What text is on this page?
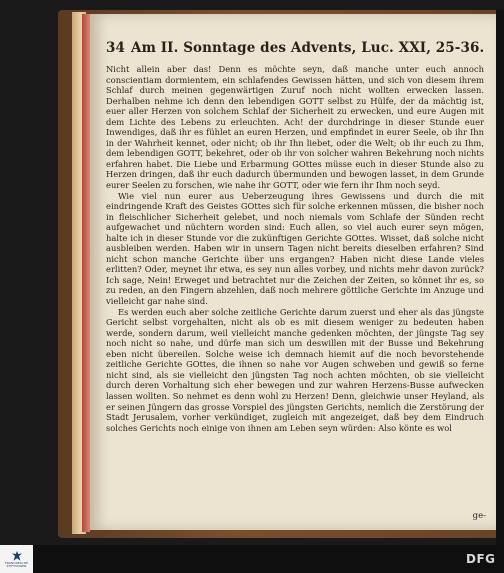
34 Am II. Sonntage des Advents, Luc. XXI, 25-36.

Nicht allein aber das! Denn es möchte seyn, daß manche unter euch annoch conscientiam dormientem, ein schlafendes Gewissen hätten, und sich von diesem ihrem Schlaf durch meinen gegenwärtigen Zuruf noch nicht wollten erwecken lassen. Derhalben nehme ich denn den lebendigen GOTT selbst zu Hülfe, der da mächtig ist, euer aller Herzen von solchem Schlaf der Sicherheit zu erwecken, und eure Augen mit dem Lichte des Lebens zu erleuchten. Ach! der durchdringe in dieser Stunde euer Inwendiges, daß ihr es fühlet an euren Herzen, und empfindet in eurer Seele, ob ihr Ihn in der Wahrheit kennet, oder nicht; ob ihr Ihn liebet, oder die Welt; ob ihr euch zu Ihm, dem lebendigen GOTT, bekehret, oder ob ihr von solcher wahren Bekehrung noch nichts erfahren habet. Die Liebe und Erbarmung GOttes müsse euch in dieser Stunde also zu Herzen dringen, daß ihr euch dadurch übermunden und bewogen lasset, in dem Grunde eurer Seelen zu forschen, wie nahe ihr GOTT, oder wie fern ihr Ihm noch seyd.

Wie viel nun eurer aus Ueberzeugung ihres Gewissens und durch die mit eindringende Kraft des Geistes GOttes sich für solche erkennen müssen, die bisher noch in fleischlicher Sicherheit gelebet, und noch niemals vom Schlafe der Sünden recht aufgewachet und nüchtern worden sind: Euch allen, so viel auch eurer seyn mögen, halte ich in dieser Stunde vor die zukünftigen Gerichte GOttes. Wisset, daß solche nicht ausbleiben werden. Haben wir in unsern Tagen nicht bereits dieselben erfahren? Sind nicht schon manche Gerichte über uns ergangen? Haben nicht diese Lande vieles erlitten? Oder, meynet ihr etwa, es sey nun alles vorbey, und nichts mehr davon zurück? Ich sage, Nein! Erweget und betrachtet nur die Zeichen der Zeiten, so könnet ihr es, so zu reden, an den Fingern abzehlen, daß noch mehrere göttliche Gerichte im Anzuge und vielleicht gar nahe sind.

Es werden euch aber solche zeitliche Gerichte darum zuerst und eher als das jüngste Gericht selbst vorgehalten, nicht als ob es mit diesem weniger zu bedeuten haben werde, sondern darum, weil vielleicht manche gedenken möchten, der jüngste Tag sey noch nicht so nahe, und dürfe man sich um deswillen mit der Busse und Bekehrung eben nicht übereilen. Solche weise ich demnach hiemit auf die noch bevorstehende zeitliche Gerichte GOttes, die ihnen so nahe vor Augen schweben und gewiß so ferne nicht sind, als sie vielleicht den jüngsten Tag noch achten möchten, ob sie vielleicht durch deren Vorhaltung sich eher bewegen und zur wahren Herzens-Busse aufwecken lassen wollten. So nehmet es denn wohl zu Herzen! Denn, gleichwie unser Heyland, als er seinen Jüngern das grosse Vorspiel des jüngsten Gerichts, nemlich die Zerstörung der Stadt Jerusalem, vorher verkündiget, zugleich mit angezeiget, daß bey dem Eindruch solches Gerichts noch einige von ihnen am Leben seyn würden: Also könte es wol

ge-
FRANCKESCHE
STIFTUNGEN	DFG
